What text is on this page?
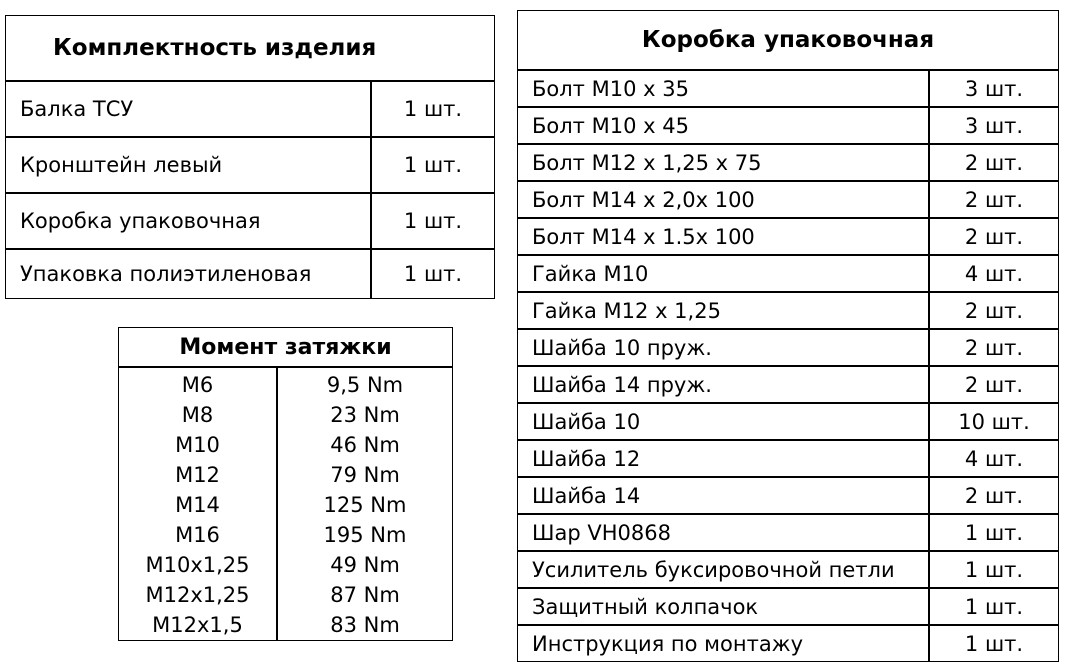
Комплектность изделия	
Балка ТСУ	1 шт.
Кронштейн левый	1 шт.
Коробка упаковочная	1 шт.
Упаковка полиэтиленовая	1 шт.
Момент затяжки	
M6	9,5 Nm
M8	23 Nm
M10	46 Nm
M12	79 Nm
M14	125 Nm
M16	195 Nm
M10x1,25	49 Nm
M12x1,25	87 Nm
M12x1,5	83 Nm
Коробка упаковочная	
Болт М10 х 35	3 шт.
Болт М10 х 45	3 шт.
Болт М12 х 1,25 х 75	2 шт.
Болт М14 х 2,0х 100	2 шт.
Болт М14 х 1.5х 100	2 шт.
Гайка М10	4 шт.
Гайка М12 х 1,25	2 шт.
Шайба 10 пруж.	2 шт.
Шайба 14 пруж.	2 шт.
Шайба 10	10 шт.
Шайба 12	4 шт.
Шайба 14	2 шт.
Шар VH0868	1 шт.
Усилитель буксировочной петли	1 шт.
Защитный колпачок	1 шт.
Инструкция по монтажу	1 шт.
